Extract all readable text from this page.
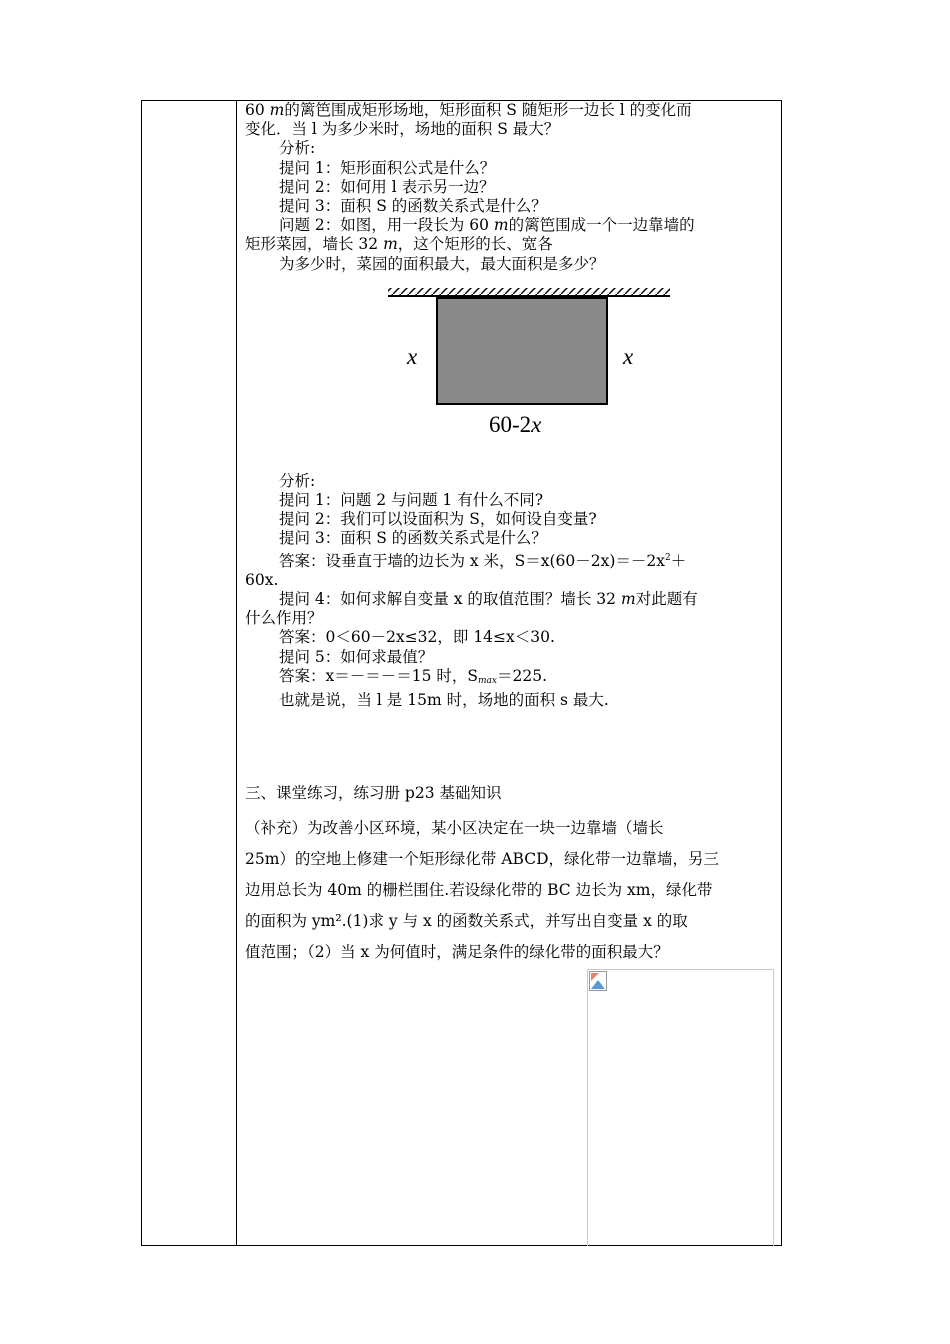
60 m的篱笆围成矩形场地，矩形面积 S 随矩形一边长 l 的变化而
变化．当 l 为多少米时，场地的面积 S 最大？
分析:
提问 1：矩形面积公式是什么？
提问 2：如何用 l 表示另一边？
提问 3：面积 S 的函数关系式是什么？
问题 2：如图，用一段长为 60 m的篱笆围成一个一边靠墙的
矩形菜园，墙长 32 m，这个矩形的长、宽各
为多少时，菜园的面积最大，最大面积是多少？
分析:
提问 1：问题 2 与问题 1 有什么不同?
提问 2：我们可以设面积为 S，如何设自变量?
提问 3：面积 S 的函数关系式是什么？
答案：设垂直于墙的边长为 x 米，$S=x(60-2x)=-2x^2+$
60x.
提问 4：如何求解自变量 x 的取值范围？墙长 32 m对此题有
什么作用？
答案：0＜60－2x≤32，即 14≤x＜30.
提问 5：如何求最值？
答案：x＝－＝－＝15 时，$S_{max}=225$.
也就是说，当 l 是 15m 时，场地的面积 s 最大.
三、课堂练习，练习册 p23 基础知识
（补充）为改善小区环境，某小区决定在一块一边靠墙（墙长
25m）的空地上修建一个矩形绿化带 ABCD，绿化带一边靠墙，另三
边用总长为 40m 的栅栏围住.若设绿化带的 BC 边长为 xm，绿化带
的面积为 ym².(1)求 y 与 x 的函数关系式，并写出自变量 x 的取
值范围；（2）当 x 为何值时，满足条件的绿化带的面积最大？
x	x
60-2x
